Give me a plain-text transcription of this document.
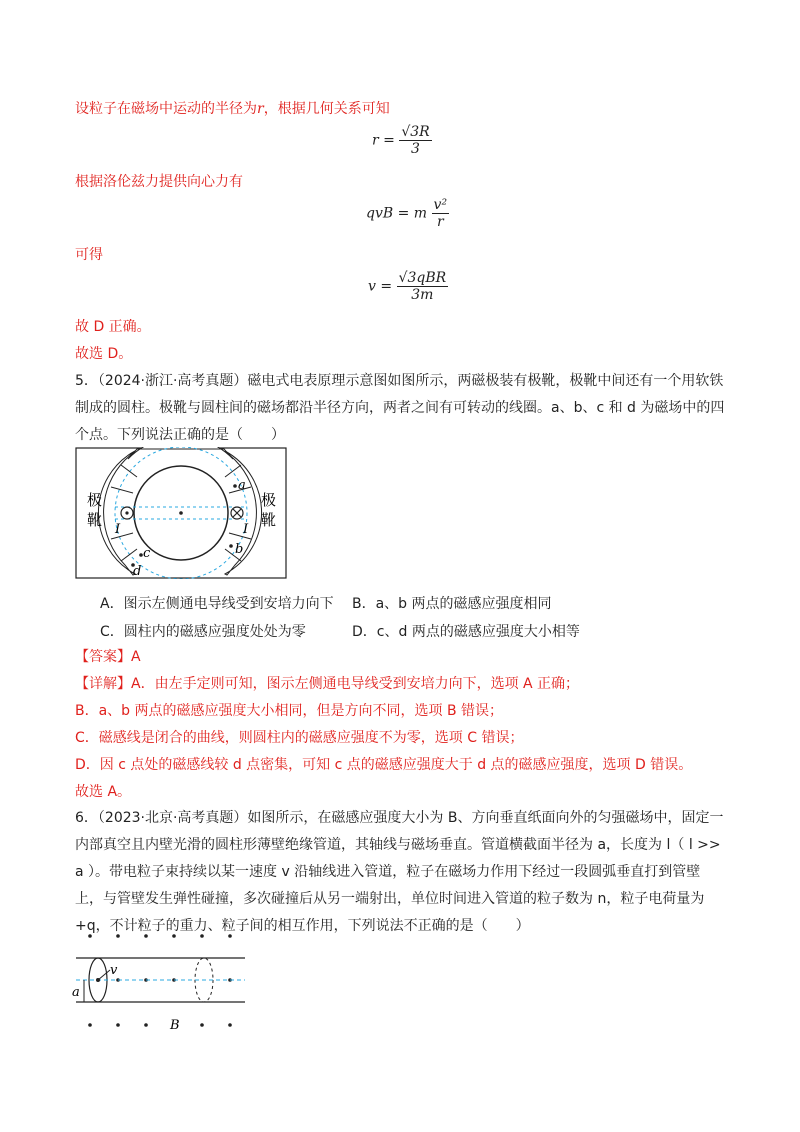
设粒子在磁场中运动的半径为r，根据几何关系可知
$r = \frac{√3R}{3}$
根据洛伦兹力提供向心力有
qvB = m $\frac{\text{v²}}{r}$
可得
$v = \frac{\text{√3qBR}}{3m}$
故 D 正确。
故选 D。
5．（2024·浙江·高考真题）磁电式电表原理示意图如图所示，两磁极装有极靴，极靴中间还有一个用软铁制成的圆柱。极靴与圆柱间的磁场都沿半径方向，两者之间有可转动的线圈。a、b、c 和 d 为磁场中的四个点。下列说法正确的是（　　）
极
靴
极
靴
a
b
c
d
I	I
A．图示左侧通电导线受到安培力向下 B．a、b 两点的磁感应强度相同
C．圆柱内的磁感应强度处处为零	D．c、d 两点的磁感应强度大小相等
【答案】A
【详解】A．由左手定则可知，图示左侧通电导线受到安培力向下，选项 A 正确；
B．a、b 两点的磁感应强度大小相同，但是方向不同，选项 B 错误；
C．磁感线是闭合的曲线，则圆柱内的磁感应强度不为零，选项 C 错误；
D．因 c 点处的磁感线较 d 点密集，可知 c 点的磁感应强度大于 d 点的磁感应强度，选项 D 错误。
故选 A。
6．（2023·北京·高考真题）如图所示，在磁感应强度大小为 B、方向垂直纸面向外的匀强磁场中，固定一内部真空且内壁光滑的圆柱形薄壁绝缘管道，其轴线与磁场垂直。管道横截面半径为 a，长度为 l（ l >> a ）。带电粒子束持续以某一速度 v 沿轴线进入管道，粒子在磁场力作用下经过一段圆弧垂直打到管壁上，与管壁发生弹性碰撞，多次碰撞后从另一端射出，单位时间进入管道的粒子数为 n，粒子电荷量为 +q，不计粒子的重力、粒子间的相互作用，下列说法不正确的是（　　）
v
a
B
